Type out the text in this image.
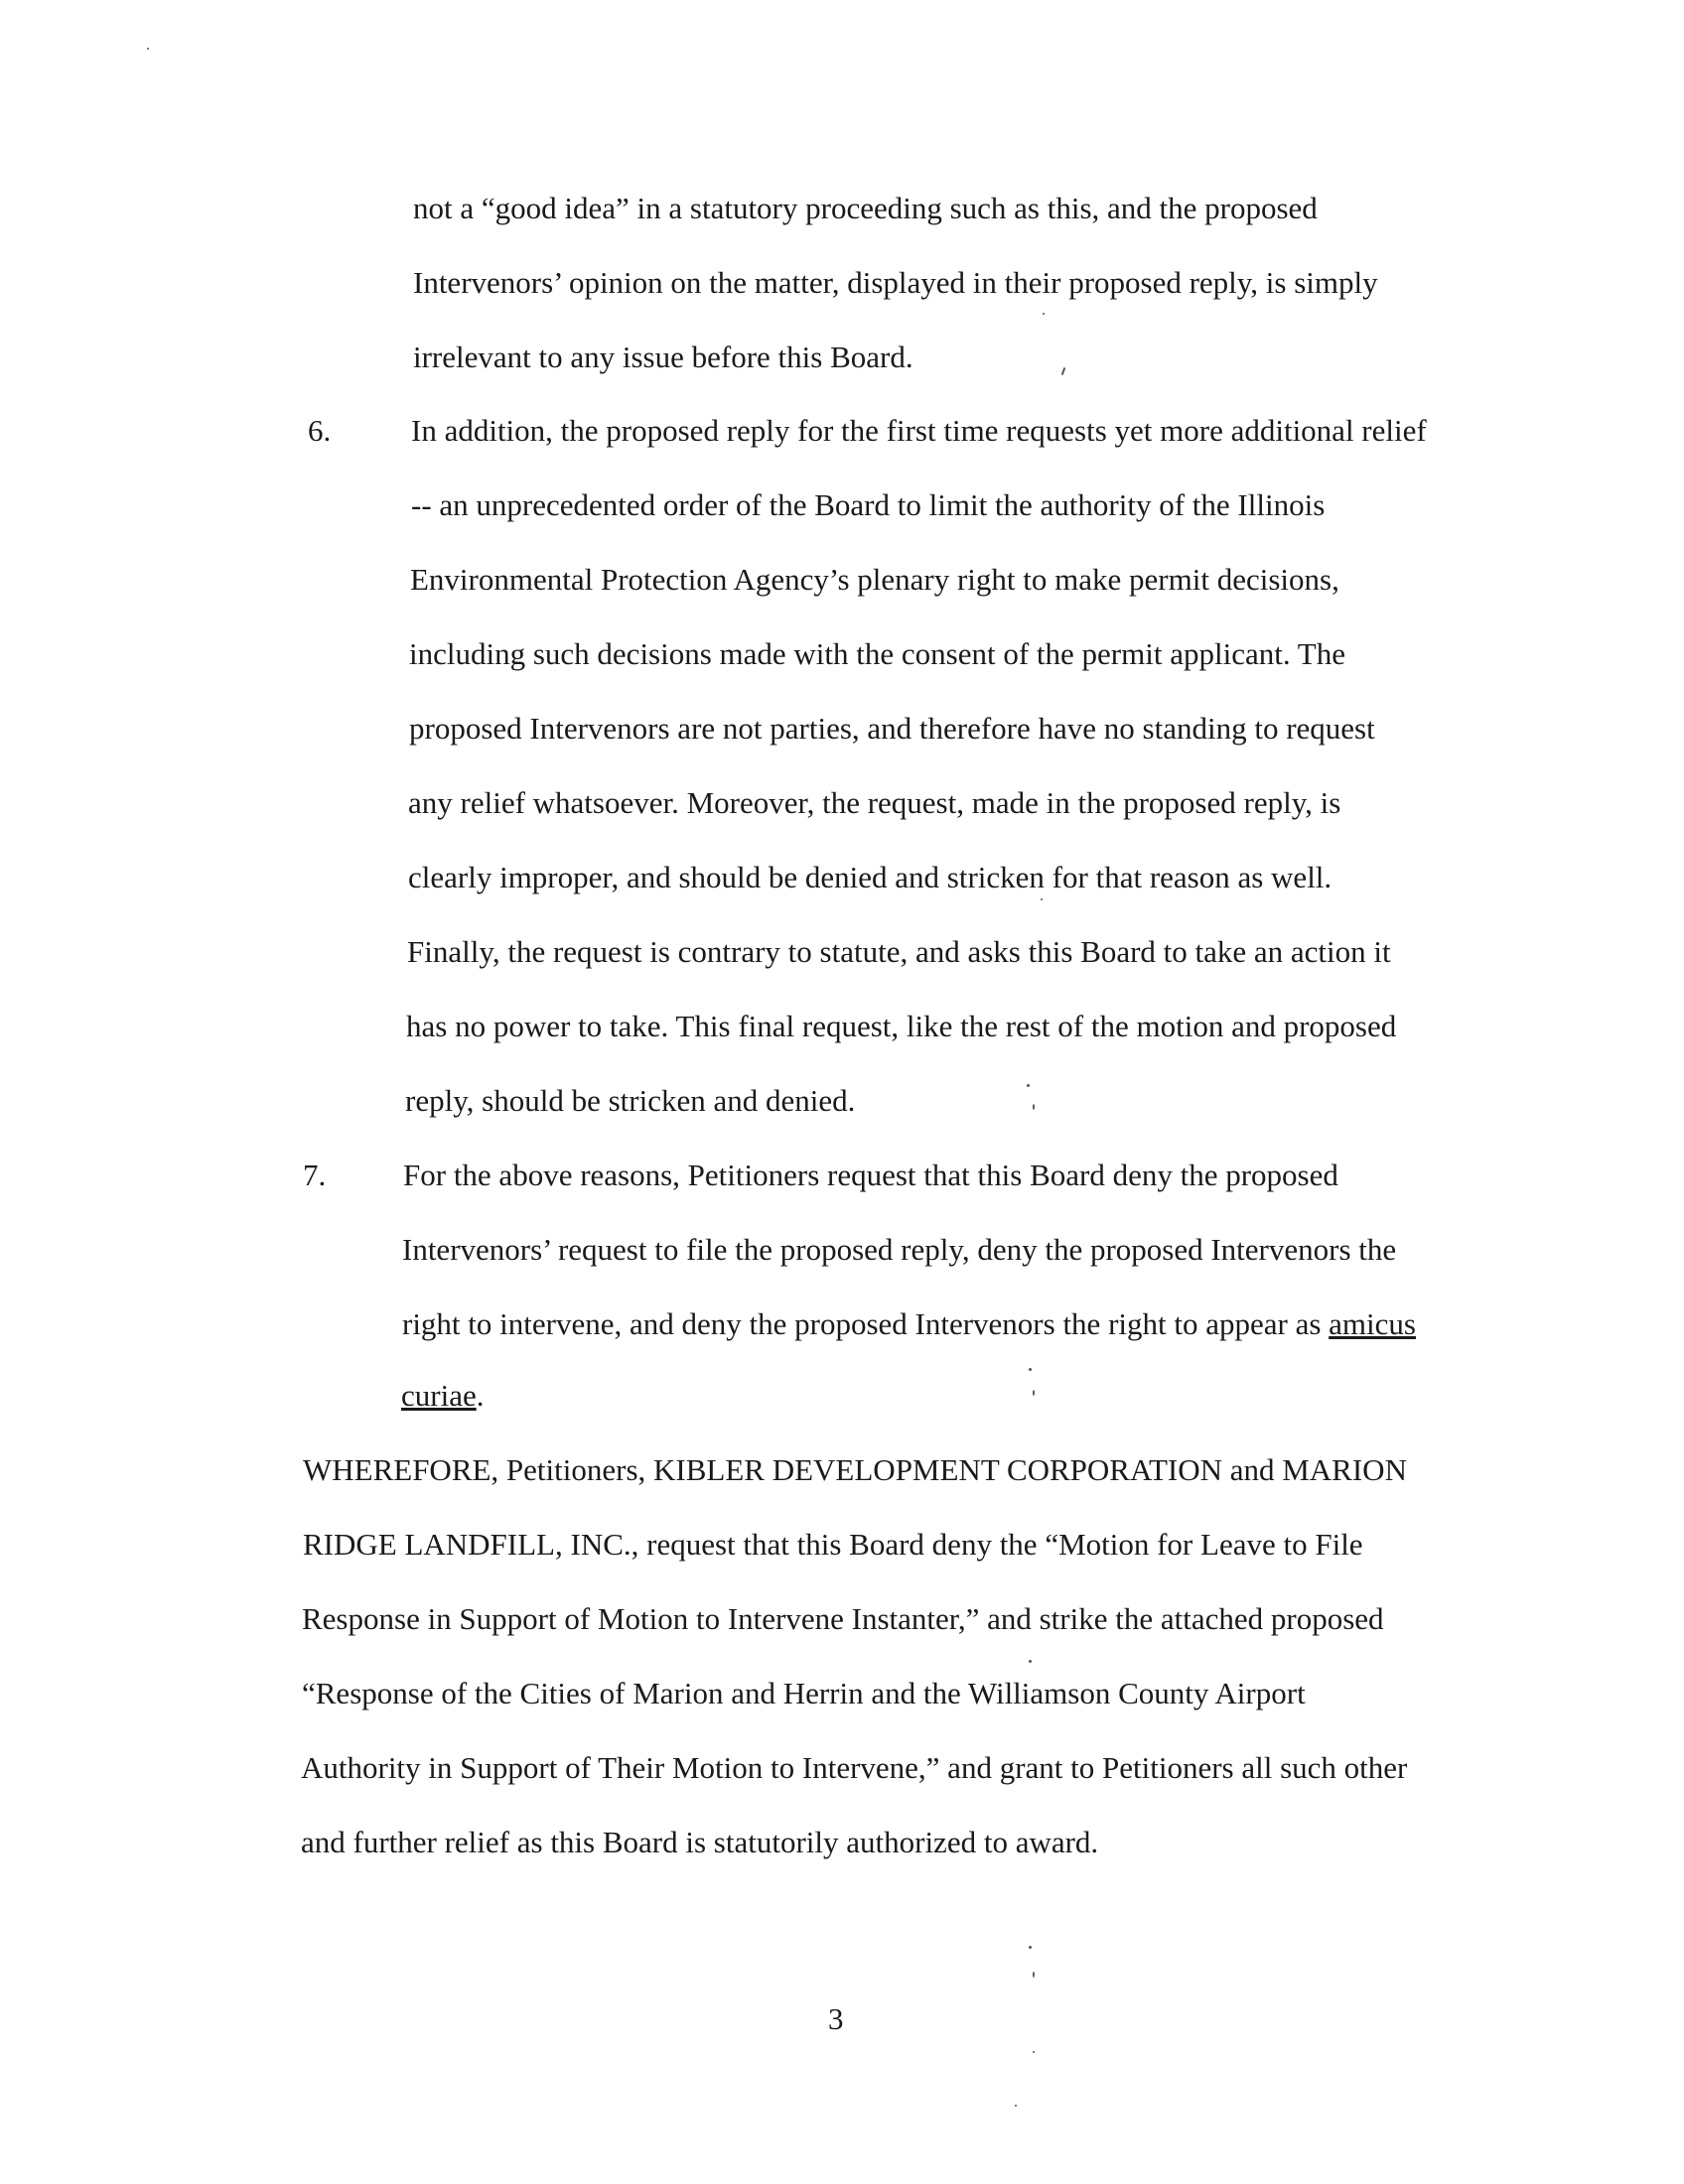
not a “good idea” in a statutory proceeding such as this, and the proposed
Intervenors’ opinion on the matter, displayed in their proposed reply, is simply
irrelevant to any issue before this Board.
6.	In addition, the proposed reply for the first time requests yet more additional relief
-- an unprecedented order of the Board to limit the authority of the Illinois
Environmental Protection Agency’s plenary right to make permit decisions,
including such decisions made with the consent of the permit applicant. The
proposed Intervenors are not parties, and therefore have no standing to request
any relief whatsoever. Moreover, the request, made in the proposed reply, is
clearly improper, and should be denied and stricken for that reason as well.
Finally, the request is contrary to statute, and asks this Board to take an action it
has no power to take. This final request, like the rest of the motion and proposed
reply, should be stricken and denied.
7.	For the above reasons, Petitioners request that this Board deny the proposed
Intervenors’ request to file the proposed reply, deny the proposed Intervenors the
right to intervene, and deny the proposed Intervenors the right to appear as amicus
curiae.
WHEREFORE, Petitioners, KIBLER DEVELOPMENT CORPORATION and MARION
RIDGE LANDFILL, INC., request that this Board deny the “Motion for Leave to File
Response in Support of Motion to Intervene Instanter,” and strike the attached proposed
“Response of the Cities of Marion and Herrin and the Williamson County Airport
Authority in Support of Their Motion to Intervene,” and grant to Petitioners all such other
and further relief as this Board is statutorily authorized to award.
3
